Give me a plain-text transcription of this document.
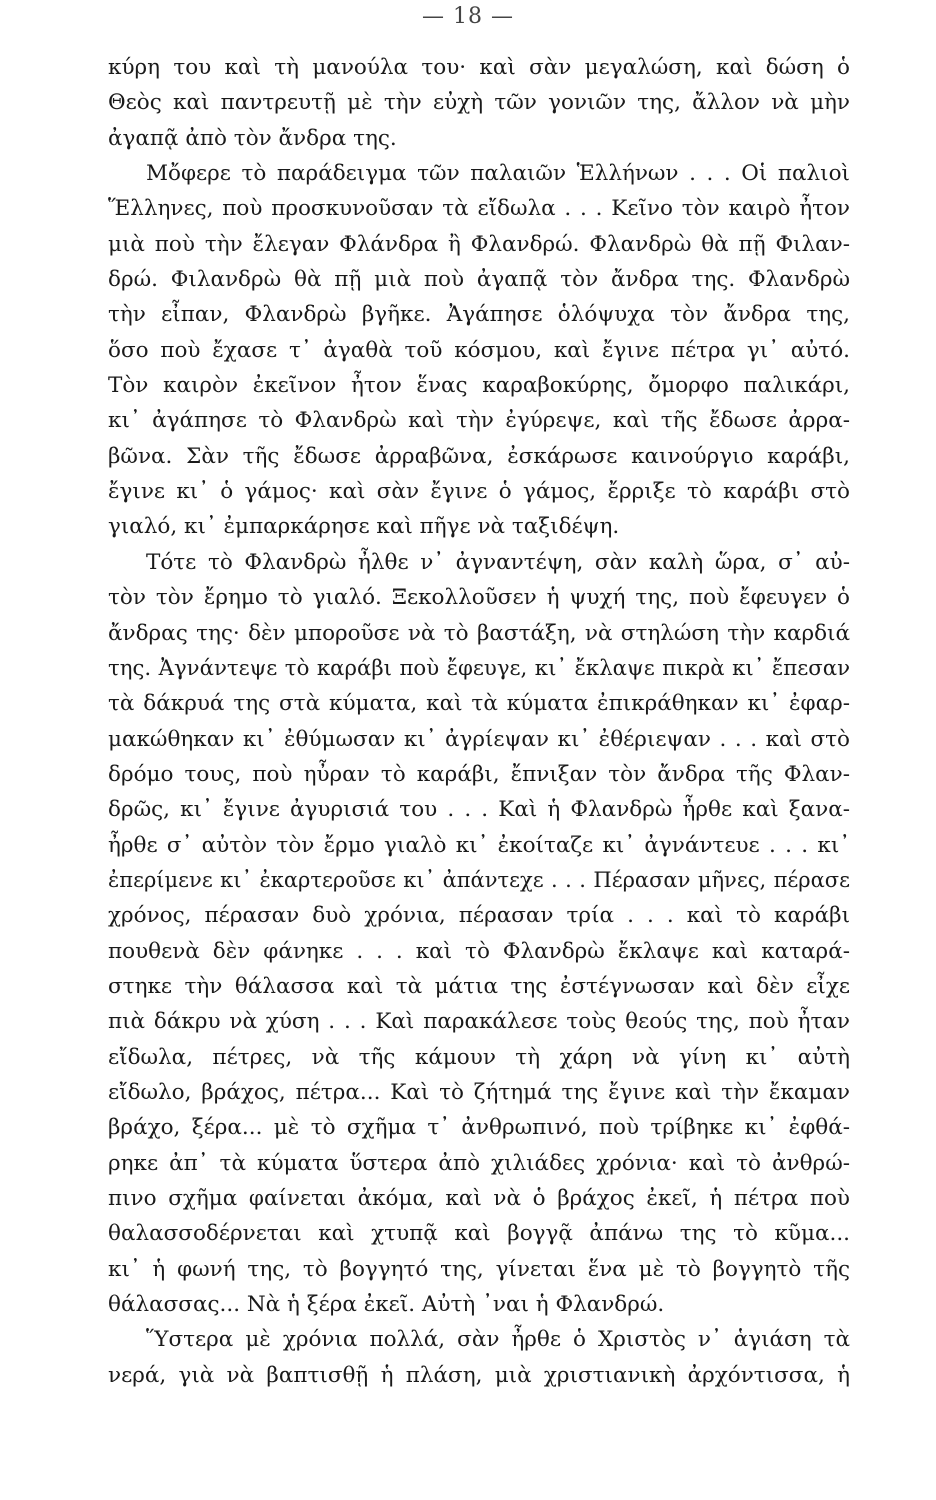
— 18 —
κύρη του καὶ τὴ μανούλα του· καὶ σὰν μεγαλώση, καὶ δώση ὁ
Θεὸς καὶ παντρευτῇ μὲ τὴν εὐχὴ τῶν γονιῶν της, ἄλλον νὰ μὴν
ἀγαπᾷ ἀπὸ τὸν ἄνδρα της.
Μὄφερε τὸ παράδειγμα τῶν παλαιῶν Ἑλλήνων . . . Οἱ παλιοὶ
Ἕλληνες, ποὺ προσκυνοῦσαν τὰ εἴδωλα . . . Κεῖνο τὸν καιρὸ ἦτον
μιὰ ποὺ τὴν ἔλεγαν Φλάνδρα ἢ Φλανδρώ. Φλανδρὼ θὰ πῇ Φιλαν-
δρώ. Φιλανδρὼ θὰ πῇ μιὰ ποὺ ἀγαπᾷ τὸν ἄνδρα της. Φλανδρὼ
τὴν εἶπαν, Φλανδρὼ βγῆκε. Ἀγάπησε ὁλόψυχα τὸν ἄνδρα της,
ὅσο ποὺ ἔχασε τ᾽ ἀγαθὰ τοῦ κόσμου, καὶ ἔγινε πέτρα γι᾽ αὐτό.
Τὸν καιρὸν ἐκεῖνον ἦτον ἕνας καραβοκύρης, ὄμορφο παλικάρι,
κι᾽ ἀγάπησε τὸ Φλανδρὼ καὶ τὴν ἐγύρεψε, καὶ τῆς ἔδωσε ἀρρα-
βῶνα. Σὰν τῆς ἔδωσε ἀρραβῶνα, ἐσκάρωσε καινούργιο καράβι,
ἔγινε κι᾽ ὁ γάμος· καὶ σὰν ἔγινε ὁ γάμος, ἔρριξε τὸ καράβι στὸ
γιαλό, κι᾽ ἐμπαρκάρησε καὶ πῆγε νὰ ταξιδέψη.
Τότε τὸ Φλανδρὼ ἦλθε ν᾽ ἀγναντέψη, σὰν καλὴ ὥρα, σ᾽ αὐ-
τὸν τὸν ἔρημο τὸ γιαλό. Ξεκολλοῦσεν ἡ ψυχή της, ποὺ ἔφευγεν ὁ
ἄνδρας της· δὲν μποροῦσε νὰ τὸ βαστάξη, νὰ στηλώση τὴν καρδιά
της. Ἀγνάντεψε τὸ καράβι ποὺ ἔφευγε, κι᾽ ἔκλαψε πικρὰ κι᾽ ἔπεσαν
τὰ δάκρυά της στὰ κύματα, καὶ τὰ κύματα ἐπικράθηκαν κι᾽ ἐφαρ-
μακώθηκαν κι᾽ ἐθύμωσαν κι᾽ ἀγρίεψαν κι᾽ ἐθέριεψαν . . . καὶ στὸ
δρόμο τους, ποὺ ηὖραν τὸ καράβι, ἔπνιξαν τὸν ἄνδρα τῆς Φλαν-
δρῶς, κι᾽ ἔγινε ἀγυρισιά του . . . Καὶ ἡ Φλανδρὼ ἦρθε καὶ ξανα-
ἦρθε σ᾽ αὐτὸν τὸν ἔρμο γιαλὸ κι᾽ ἐκοίταζε κι᾽ ἀγνάντευε . . . κι᾽
ἐπερίμενε κι᾽ ἐκαρτεροῦσε κι᾽ ἀπάντεχε . . . Πέρασαν μῆνες, πέρασε
χρόνος, πέρασαν δυὸ χρόνια, πέρασαν τρία . . . καὶ τὸ καράβι
πουθενὰ δὲν φάνηκε . . . καὶ τὸ Φλανδρὼ ἔκλαψε καὶ καταρά-
στηκε τὴν θάλασσα καὶ τὰ μάτια της ἐστέγνωσαν καὶ δὲν εἶχε
πιὰ δάκρυ νὰ χύση . . . Καὶ παρακάλεσε τοὺς θεούς της, ποὺ ἦταν
εἴδωλα, πέτρες, νὰ τῆς κάμουν τὴ χάρη νὰ γίνη κι᾽ αὐτὴ
εἴδωλο, βράχος, πέτρα... Καὶ τὸ ζήτημά της ἔγινε καὶ τὴν ἔκαμαν
βράχο, ξέρα... μὲ τὸ σχῆμα τ᾽ ἀνθρωπινό, ποὺ τρίβηκε κι᾽ ἐφθά-
ρηκε ἀπ᾽ τὰ κύματα ὕστερα ἀπὸ χιλιάδες χρόνια· καὶ τὸ ἀνθρώ-
πινο σχῆμα φαίνεται ἀκόμα, καὶ νὰ ὁ βράχος ἐκεῖ, ἡ πέτρα ποὺ
θαλασσοδέρνεται καὶ χτυπᾷ καὶ βογγᾷ ἀπάνω της τὸ κῦμα...
κι᾽ ἡ φωνή της, τὸ βογγητό της, γίνεται ἕνα μὲ τὸ βογγητὸ τῆς
θάλασσας... Νὰ ἡ ξέρα ἐκεῖ. Αὐτὴ ᾽ναι ἡ Φλανδρώ.
Ὕστερα μὲ χρόνια πολλά, σὰν ἦρθε ὁ Χριστὸς ν᾽ ἁγιάση τὰ
νερά, γιὰ νὰ βαπτισθῇ ἡ πλάση, μιὰ χριστιανικὴ ἀρχόντισσα, ἡ
